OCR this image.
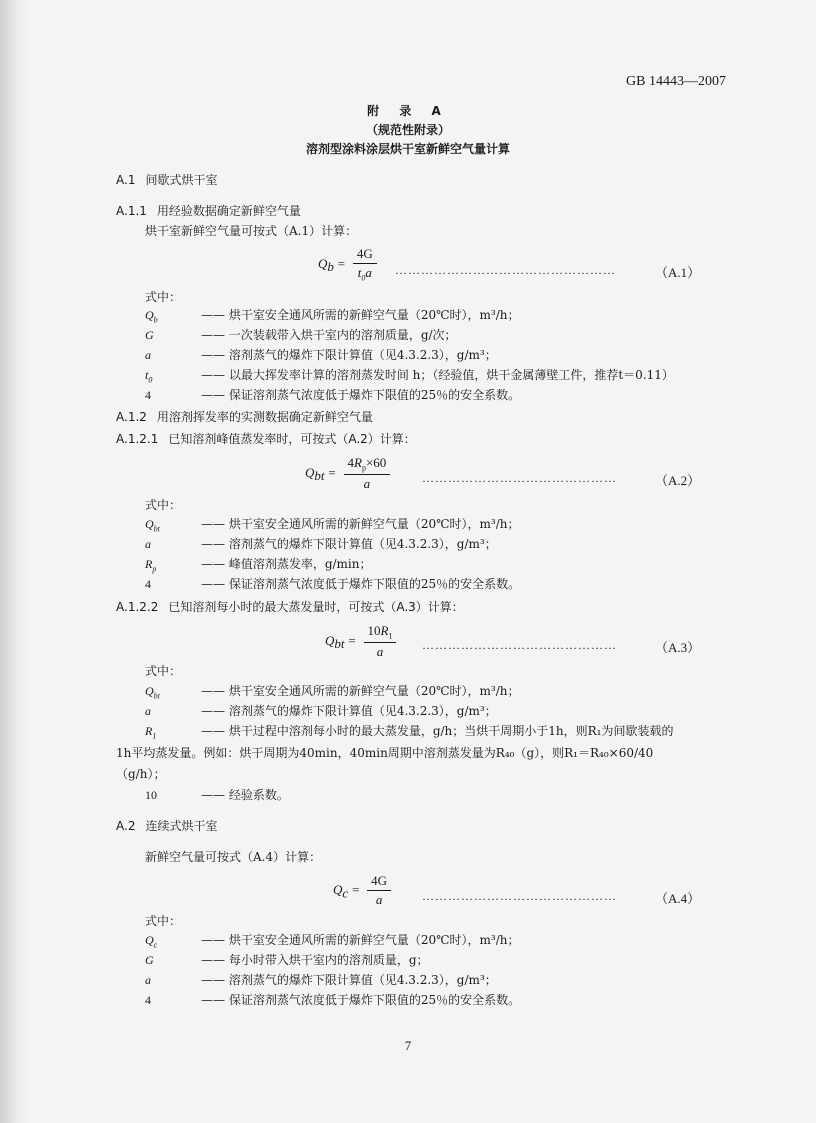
GB 14443—2007
附 录 A
（规范性附录）
溶剂型涂料涂层烘干室新鲜空气量计算
A.1 间歇式烘干室
A.1.1 用经验数据确定新鲜空气量
烘干室新鲜空气量可按式（A.1）计算：
$Q_b = \frac{4G}{t_0a}$ ……………………………………………	（A.1）
式中：
$Q_b$	—— 烘干室安全通风所需的新鲜空气量（20℃时），m³/h；
G	—— 一次装载带入烘干室内的溶剂质量，g/次；
a	—— 溶剂蒸气的爆炸下限计算值（见4.3.2.3），g/m³；
$t_0$	—— 以最大挥发率计算的溶剂蒸发时间 h；（经验值，烘干金属薄壁工件，推荐t＝0.11）
4	—— 保证溶剂蒸气浓度低于爆炸下限值的25％的安全系数。
A.1.2 用溶剂挥发率的实测数据确定新鲜空气量
A.1.2.1 已知溶剂峰值蒸发率时，可按式（A.2）计算：
$Q_{bt} = \frac{4R_p\times 60}{a}$	………………………………………	（A.2）
式中：
$Q_{bt}$	—— 烘干室安全通风所需的新鲜空气量（20℃时），m³/h；
a	—— 溶剂蒸气的爆炸下限计算值（见4.3.2.3），g/m³；
$R_p$	—— 峰值溶剂蒸发率，g/min；
4	—— 保证溶剂蒸气浓度低于爆炸下限值的25％的安全系数。
A.1.2.2 已知溶剂每小时的最大蒸发量时，可按式（A.3）计算：
$Q_{bt} = \frac{10R_1}{a}$ ………………………………………	（A.3）
式中：
$Q_{bt}$	—— 烘干室安全通风所需的新鲜空气量（20℃时），m³/h；
a	—— 溶剂蒸气的爆炸下限计算值（见4.3.2.3），g/m³；
$R_1$	—— 烘干过程中溶剂每小时的最大蒸发量，g/h；当烘干周期小于1h，则R₁为间歇装载的
1h平均蒸发量。例如：烘干周期为40min，40min周期中溶剂蒸发量为R₄₀（g），则R₁＝R₄₀×60/40
（g/h）；
10	—— 经验系数。
A.2 连续式烘干室
新鲜空气量可按式（A.4）计算：
$Q_c = \frac{4G}{a}$	………………………………………	（A.4）
式中：
$Q_c$	—— 烘干室安全通风所需的新鲜空气量（20℃时），m³/h；
G	—— 每小时带入烘干室内的溶剂质量，g；
a	—— 溶剂蒸气的爆炸下限计算值（见4.3.2.3），g/m³；
4	—— 保证溶剂蒸气浓度低于爆炸下限值的25％的安全系数。
7
